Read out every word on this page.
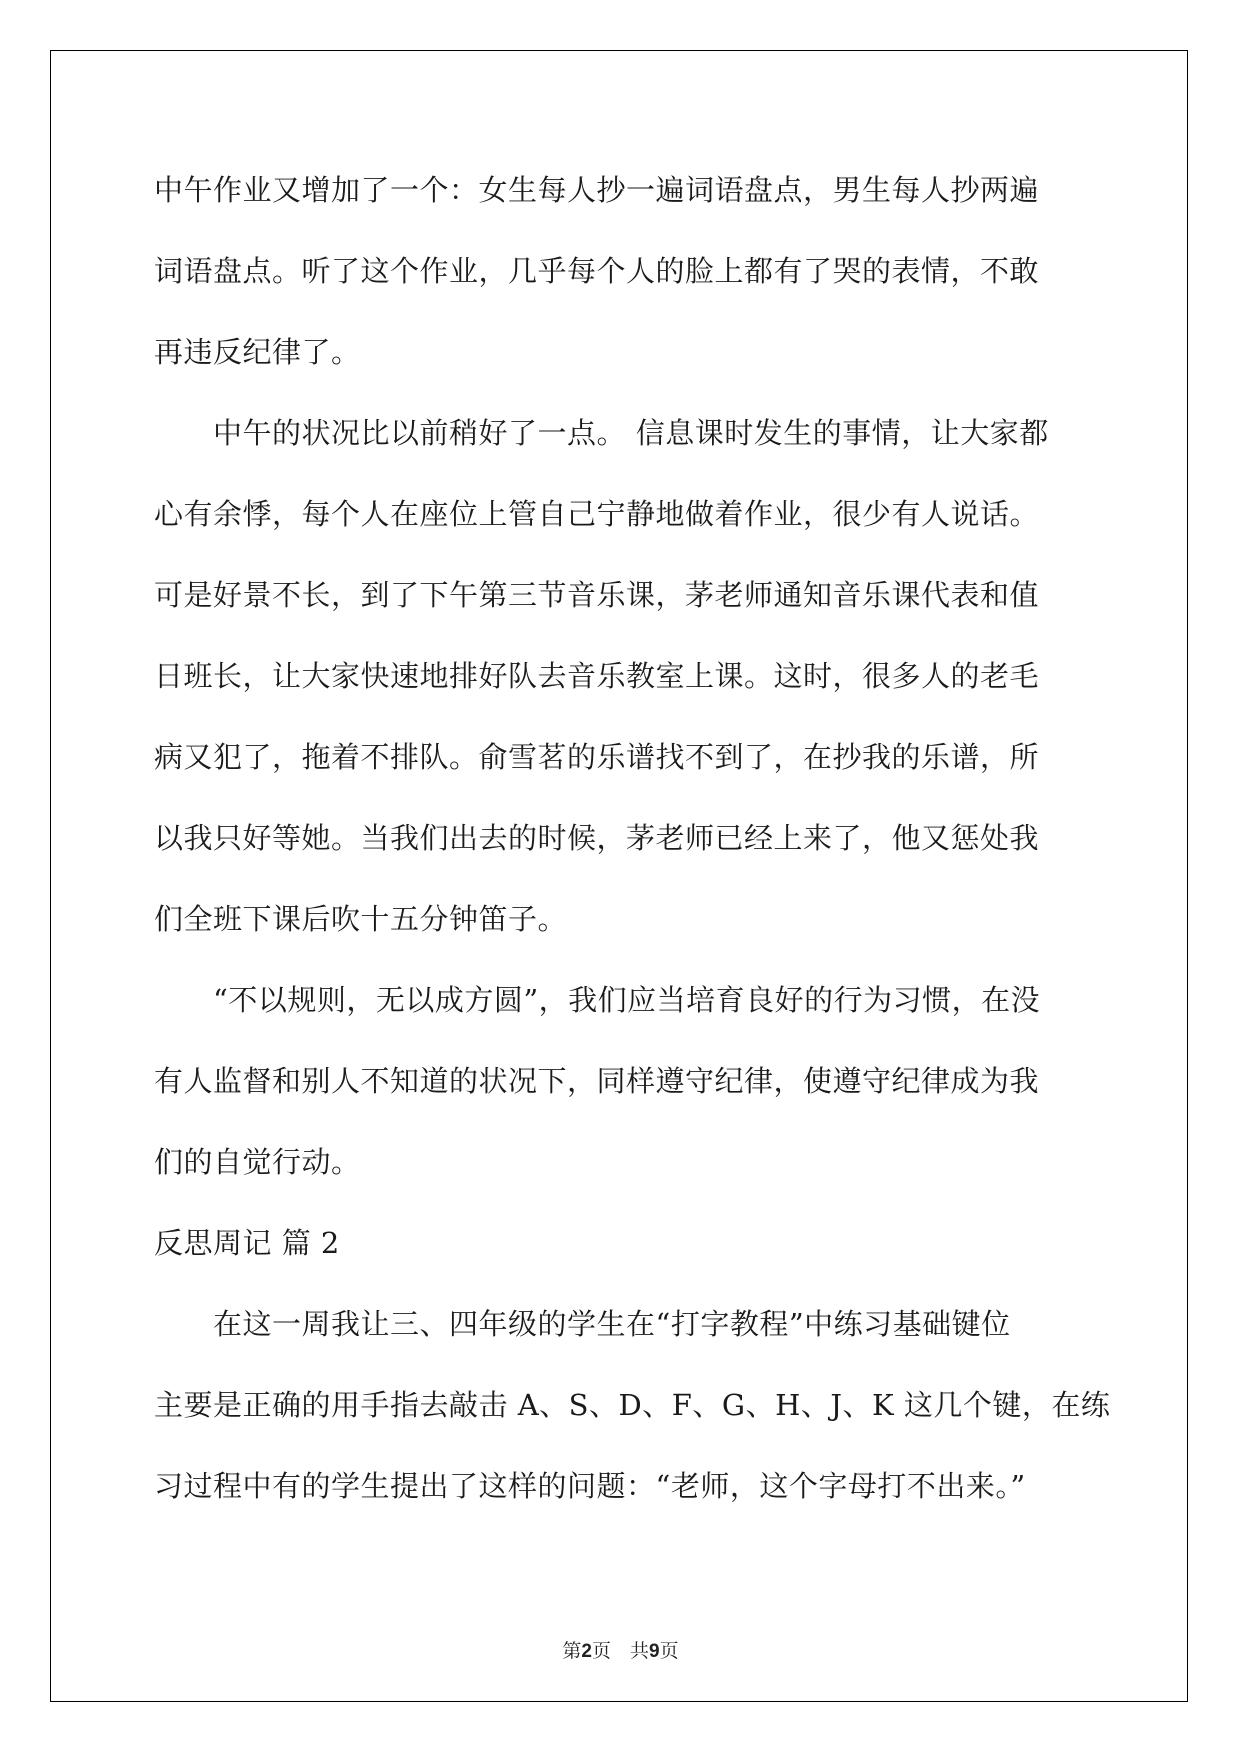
中午作业又增加了一个：女生每人抄一遍词语盘点，男生每人抄两遍

词语盘点。听了这个作业，几乎每个人的脸上都有了哭的表情，不敢

再违反纪律了。

　　中午的状况比以前稍好了一点。 信息课时发生的事情，让大家都

心有余悸，每个人在座位上管自己宁静地做着作业，很少有人说话。

可是好景不长，到了下午第三节音乐课，茅老师通知音乐课代表和值

日班长，让大家快速地排好队去音乐教室上课。这时，很多人的老毛

病又犯了，拖着不排队。俞雪茗的乐谱找不到了，在抄我的乐谱，所

以我只好等她。当我们出去的时候，茅老师已经上来了，他又惩处我

们全班下课后吹十五分钟笛子。

　　“不以规则，无以成方圆”，我们应当培育良好的行为习惯，在没

有人监督和别人不知道的状况下，同样遵守纪律，使遵守纪律成为我

们的自觉行动。

反思周记 篇 2

　　在这一周我让三、四年级的学生在“打字教程”中练习基础键位

主要是正确的用手指去敲击 A、S、D、F、G、H、J、K 这几个键，在练

习过程中有的学生提出了这样的问题：“老师，这个字母打不出来。”

第2页　共9页
